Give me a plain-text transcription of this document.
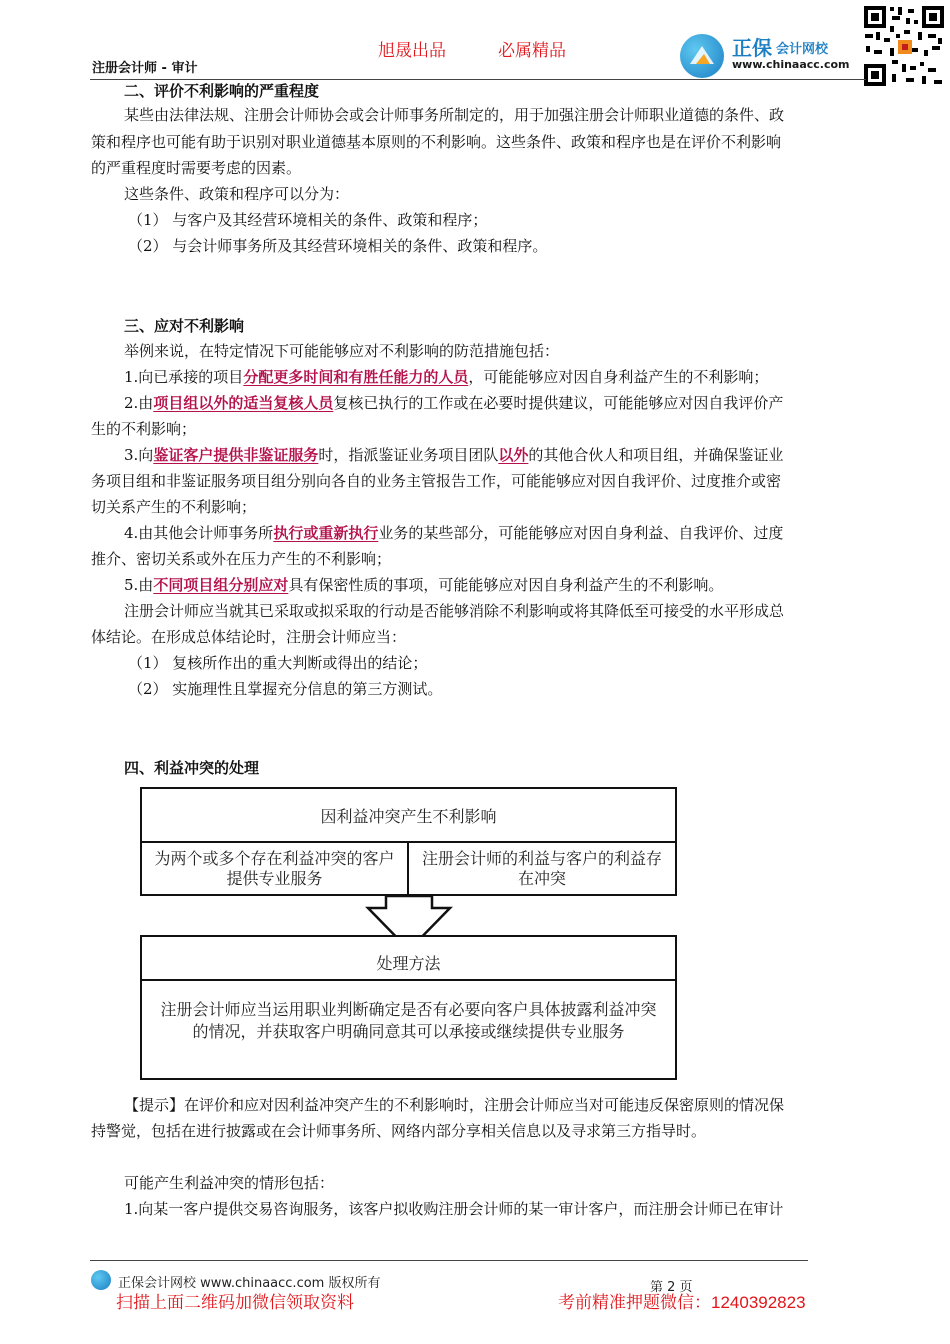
旭晟出品	必属精品
注册会计师 - 审计
正保 会计网校
www.chinaacc.com
二、评价不利影响的严重程度
某些由法律法规、注册会计师协会或会计师事务所制定的，用于加强注册会计师职业道德的条件、政
策和程序也可能有助于识别对职业道德基本原则的不利影响。这些条件、政策和程序也是在评价不利影响
的严重程度时需要考虑的因素。
这些条件、政策和程序可以分为：
（1） 与客户及其经营环境相关的条件、政策和程序；
（2） 与会计师事务所及其经营环境相关的条件、政策和程序。
三、应对不利影响
举例来说，在特定情况下可能能够应对不利影响的防范措施包括：
1.向已承接的项目分配更多时间和有胜任能力的人员，可能能够应对因自身利益产生的不利影响；
2.由项目组以外的适当复核人员复核已执行的工作或在必要时提供建议，可能能够应对因自我评价产
生的不利影响；
3.向鉴证客户提供非鉴证服务时，指派鉴证业务项目团队以外的其他合伙人和项目组，并确保鉴证业
务项目组和非鉴证服务项目组分别向各自的业务主管报告工作，可能能够应对因自我评价、过度推介或密
切关系产生的不利影响；
4.由其他会计师事务所执行或重新执行业务的某些部分，可能能够应对因自身利益、自我评价、过度
推介、密切关系或外在压力产生的不利影响；
5.由不同项目组分别应对具有保密性质的事项，可能能够应对因自身利益产生的不利影响。
注册会计师应当就其已采取或拟采取的行动是否能够消除不利影响或将其降低至可接受的水平形成总
体结论。在形成总体结论时，注册会计师应当：
（1） 复核所作出的重大判断或得出的结论；
（2） 实施理性且掌握充分信息的第三方测试。
四、利益冲突的处理
因利益冲突产生不利影响
为两个或多个存在利益冲突的客户提供专业服务
注册会计师的利益与客户的利益存在冲突
处理方法
注册会计师应当运用职业判断确定是否有必要向客户具体披露利益冲突的情况，并获取客户明确同意其可以承接或继续提供专业服务
【提示】在评价和应对因利益冲突产生的不利影响时，注册会计师应当对可能违反保密原则的情况保
持警觉，包括在进行披露或在会计师事务所、网络内部分享相关信息以及寻求第三方指导时。
可能产生利益冲突的情形包括：
1.向某一客户提供交易咨询服务，该客户拟收购注册会计师的某一审计客户，而注册会计师已在审计
正保会计网校 www.chinaacc.com 版权所有	第 2 页
扫描上面二维码加微信领取资料	考前精准押题微信：1240392823
